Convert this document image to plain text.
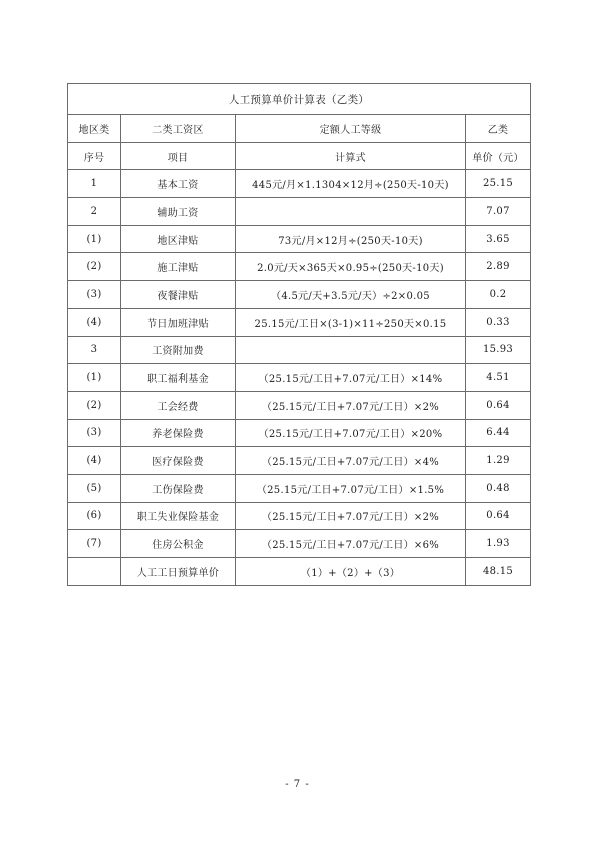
人工预算单价计算表（乙类）			
地区类	二类工资区	定额人工等级	乙类
序号	项目	计算式	单价（元）
1	基本工资	445元/月×1.1304×12月÷(250天-10天)	25.15
2	辅助工资		7.07
(1)	地区津贴	73元/月×12月÷(250天-10天)	3.65
(2)	施工津贴	2.0元/天×365天×0.95÷(250天-10天)	2.89
(3)	夜餐津贴	（4.5元/天+3.5元/天）÷2×0.05	0.2
(4)	节日加班津贴	25.15元/工日×(3-1)×11÷250天×0.15	0.33
3	工资附加费		15.93
(1)	职工福利基金	（25.15元/工日+7.07元/工日）×14%	4.51
(2)	工会经费	（25.15元/工日+7.07元/工日）×2%	0.64
(3)	养老保险费	（25.15元/工日+7.07元/工日）×20%	6.44
(4)	医疗保险费	（25.15元/工日+7.07元/工日）×4%	1.29
(5)	工伤保险费	（25.15元/工日+7.07元/工日）×1.5%	0.48
(6)	职工失业保险基金	（25.15元/工日+7.07元/工日）×2%	0.64
(7)	住房公积金	（25.15元/工日+7.07元/工日）×6%	1.93
	人工工日预算单价	（1）+（2）+（3）	48.15
- 7 -
